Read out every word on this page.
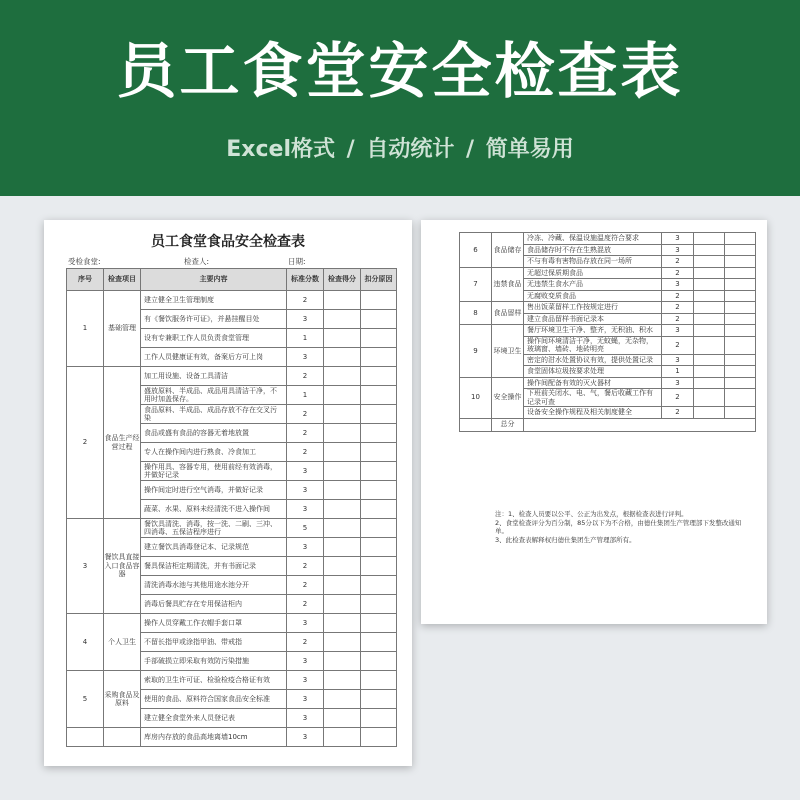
员工食堂安全检查表
Excel格式 / 自动统计 / 简单易用
员工食堂食品安全检查表
受检食堂:	检查人:	日期:
序号	检查项目	主要内容	标准分数	检查得分	扣分原因
1	基础管理	建立健全卫生管理制度	2		
		有《餐饮服务许可证》，并悬挂醒目处	3		
		设有专兼职工作人员负责食堂管理	1		
		工作人员健康证有效，备案后方可上岗	3		
2	食品生产经营过程	加工用设施、设备工具清洁	2		
		盛放原料、半成品、成品用具清洁干净，不用时加盖保存。	1		
		食品原料、半成品、成品存放不存在交叉污染	2		
		食品或盛有食品的容器无着地放置	2		
		专人在操作间内进行熟食、冷食加工	2		
		操作用具、容器专用，使用前经有效消毒，并做好记录	3		
		操作间定时进行空气消毒，并做好记录	3		
		蔬菜、水果、原料未经清洗不进入操作间	3		
3	餐饮具直接入口食品容器	餐饮具清洗、消毒，按一洗、二刷、三冲、四消毒、五保洁程序进行	5		
		建立餐饮具消毒登记本、记录规范	3		
		餐具保洁柜定期清洗，并有书面记录	2		
		清洗消毒水池与其他用途水池分开	2		
		消毒后餐具贮存在专用保洁柜内	2		
4	个人卫生	操作人员穿戴工作衣帽手套口罩	3		
		不留长指甲或涂指甲油、带戒指	2		
		手部破损立即采取有效防污染措施	3		
5	采购食品及原料	索取的卫生许可证、检验检疫合格证有效	3		
		使用的食品、原料符合国家食品安全标准	3		
		建立健全食堂外来人员登记表	3		
		库房内存放的食品高地离墙10cm	3		
6	食品储存	冷冻、冷藏、保温设施温度符合要求	3		
		食品储存时不存在生熟混放	3		
		不与有毒有害物品存放在同一场所	2		
7	违禁食品	无超过保质期食品	2		
		无违禁生食水产品	3		
		无腐败变质食品	2		
8	食品留样	售出饭菜留样工作按规定进行	2		
		建立食品留样书面记录本	2		
9	环境卫生	餐厅环境卫生干净、整齐，无积油、积水	3		
		操作间环境清洁干净，无蚊蝇，无杂物，玻璃窗、墙砖、地砖明亮	2		
		密定的泔水处置协议有效，提供处置记录	3		
		食堂固体垃圾按要求处理	1		
10	安全操作	操作间配备有效的灭火器材	3		
		下班前关闭水、电、气，餐后收藏工作有记录可查	2		
		设备安全操作规程及相关制度健全	2		
	总分				

注：1、检查人员要以公平、公正为出发点，根据检查表进行评判。

2、食堂检查评分为百分制，85分以下为不合格，由德仕集团生产管理部下发整改通知单。

3、此检查表解释权归德仕集团生产管理部所有。
